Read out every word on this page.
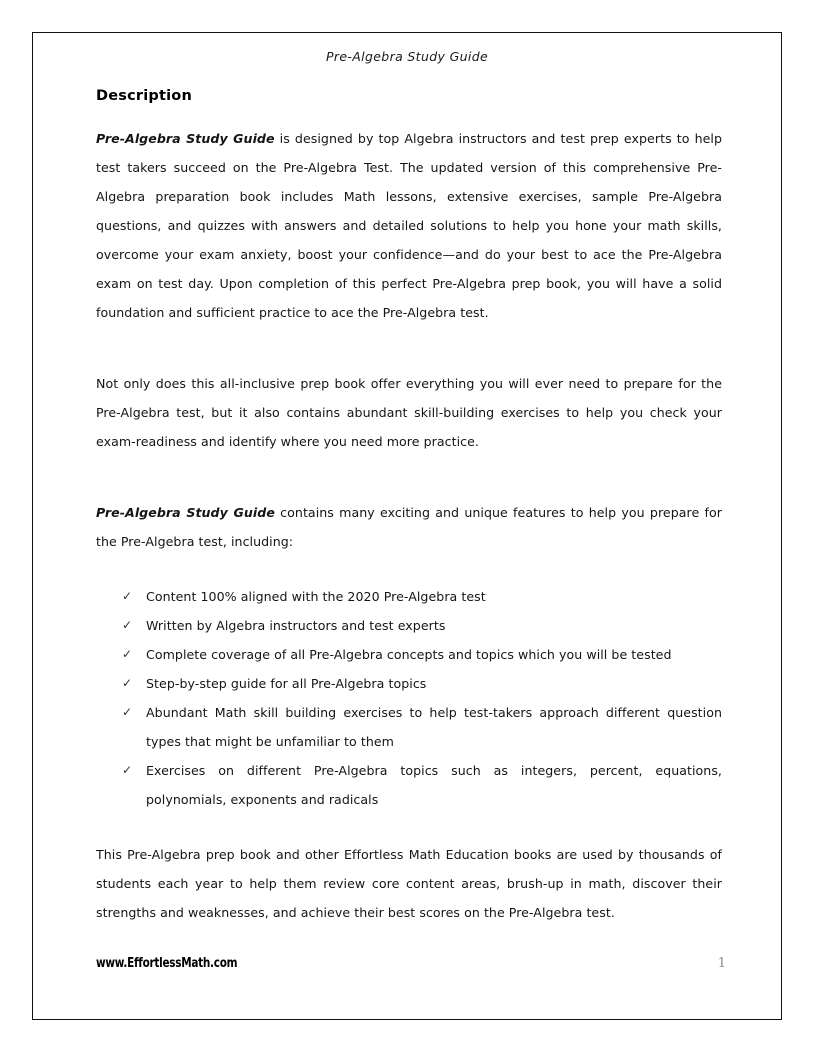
Pre-Algebra Study Guide
Description

Pre-Algebra Study Guide is designed by top Algebra instructors and test prep experts to help test takers succeed on the Pre-Algebra Test. The updated version of this comprehensive Pre-Algebra preparation book includes Math lessons, extensive exercises, sample Pre-Algebra questions, and quizzes with answers and detailed solutions to help you hone your math skills, overcome your exam anxiety, boost your confidence—and do your best to ace the Pre-Algebra exam on test day. Upon completion of this perfect Pre-Algebra prep book, you will have a solid foundation and sufficient practice to ace the Pre-Algebra test.

Not only does this all-inclusive prep book offer everything you will ever need to prepare for the Pre-Algebra test, but it also contains abundant skill-building exercises to help you check your exam-readiness and identify where you need more practice.

Pre-Algebra Study Guide contains many exciting and unique features to help you prepare for the Pre-Algebra test, including:

✓ Content 100% aligned with the 2020 Pre-Algebra test
✓ Written by Algebra instructors and test experts
✓ Complete coverage of all Pre-Algebra concepts and topics which you will be tested
✓ Step-by-step guide for all Pre-Algebra topics
✓ Abundant Math skill building exercises to help test-takers approach different question types that might be unfamiliar to them
✓ Exercises on different Pre-Algebra topics such as integers, percent, equations, polynomials, exponents and radicals

This Pre-Algebra prep book and other Effortless Math Education books are used by thousands of students each year to help them review core content areas, brush-up in math, discover their strengths and weaknesses, and achieve their best scores on the Pre-Algebra test.

www.EffortlessMath.com	1
